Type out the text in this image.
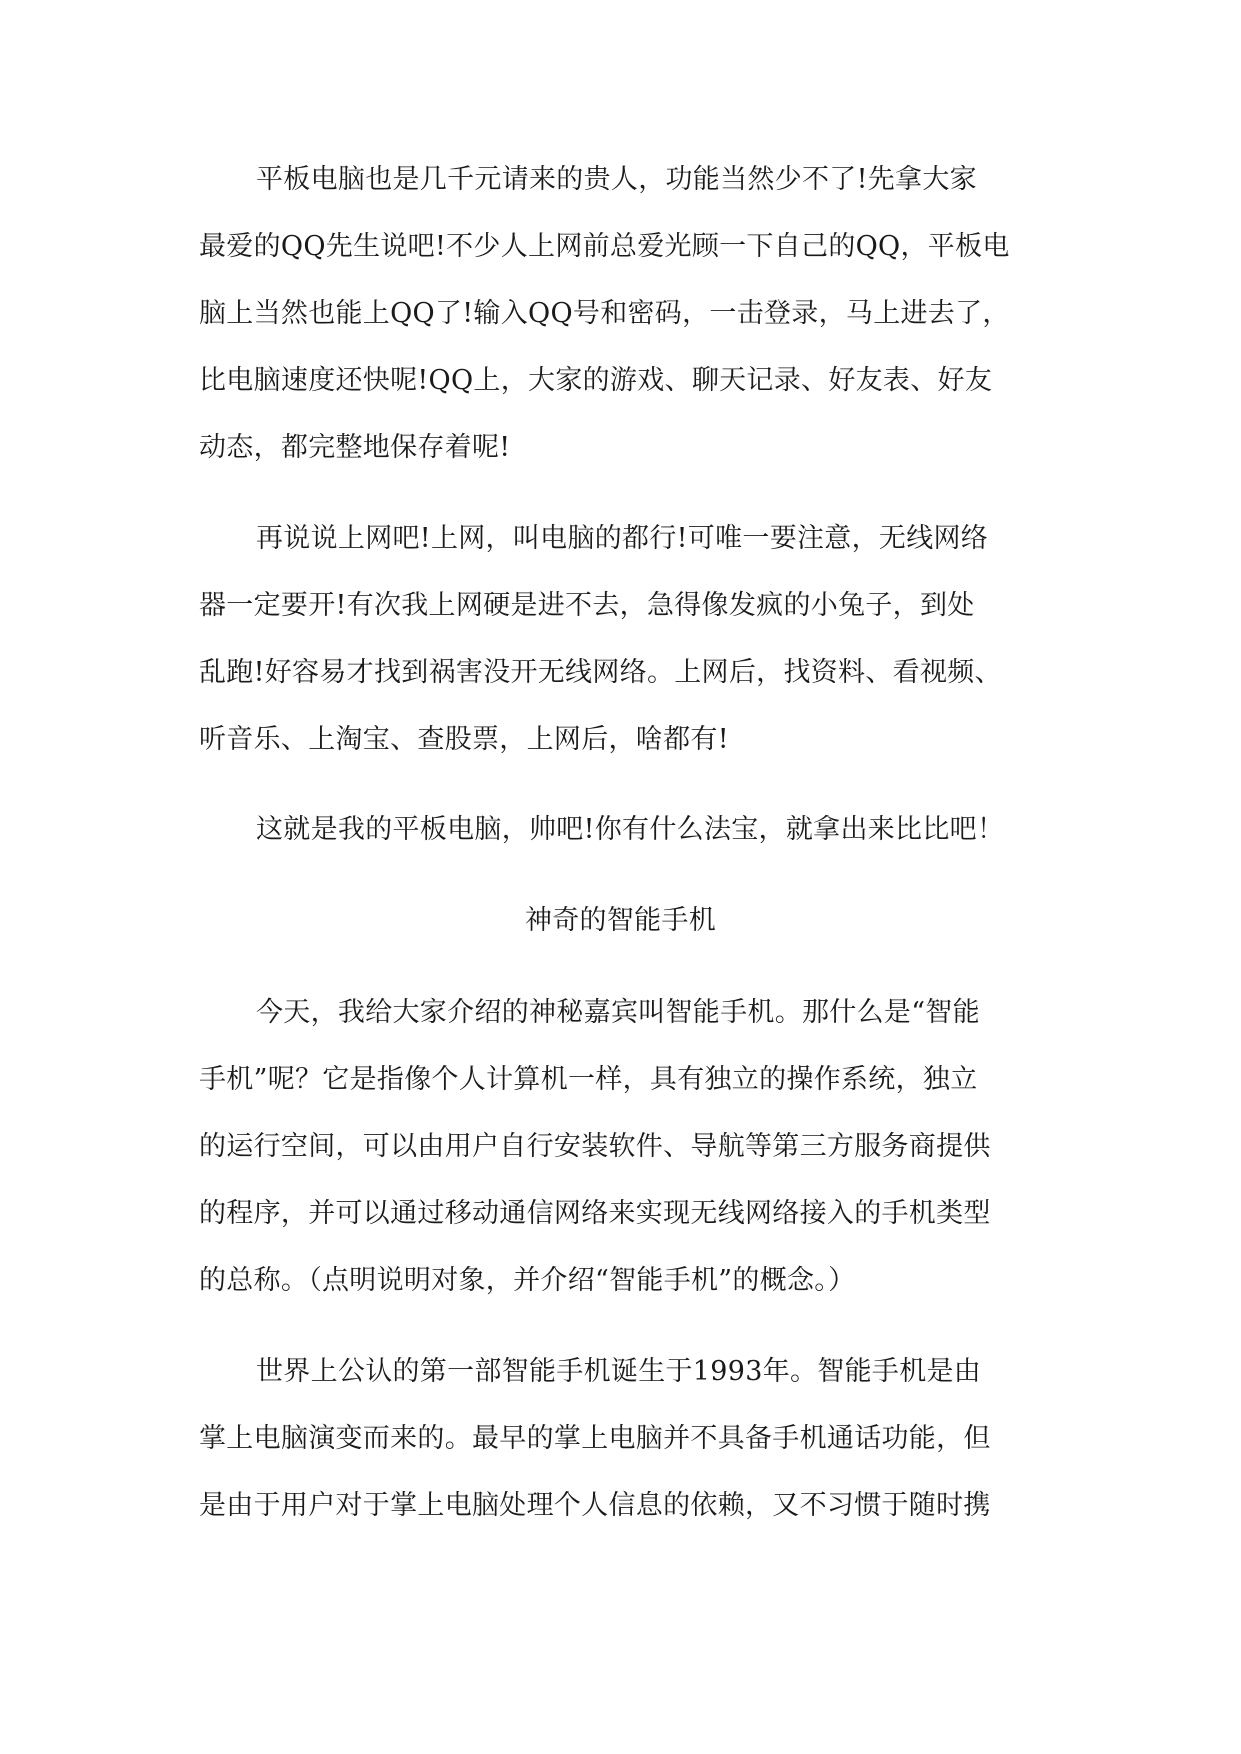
平板电脑也是几千元请来的贵人，功能当然少不了!先拿大家
最爱的QQ先生说吧!不少人上网前总爱光顾一下自己的QQ，平板电
脑上当然也能上QQ了!输入QQ号和密码，一击登录，马上进去了，
比电脑速度还快呢!QQ上，大家的游戏、聊天记录、好友表、好友
动态，都完整地保存着呢!
再说说上网吧!上网，叫电脑的都行!可唯一要注意，无线网络
器一定要开!有次我上网硬是进不去，急得像发疯的小兔子，到处
乱跑!好容易才找到祸害没开无线网络。上网后，找资料、看视频、
听音乐、上淘宝、查股票，上网后，啥都有!
这就是我的平板电脑，帅吧!你有什么法宝，就拿出来比比吧！
神奇的智能手机
今天，我给大家介绍的神秘嘉宾叫智能手机。那什么是“智能
手机”呢？它是指像个人计算机一样，具有独立的操作系统，独立
的运行空间，可以由用户自行安装软件、导航等第三方服务商提供
的程序，并可以通过移动通信网络来实现无线网络接入的手机类型
的总称。（点明说明对象，并介绍“智能手机”的概念。）
世界上公认的第一部智能手机诞生于1993年。智能手机是由
掌上电脑演变而来的。最早的掌上电脑并不具备手机通话功能，但
是由于用户对于掌上电脑处理个人信息的依赖，又不习惯于随时携
